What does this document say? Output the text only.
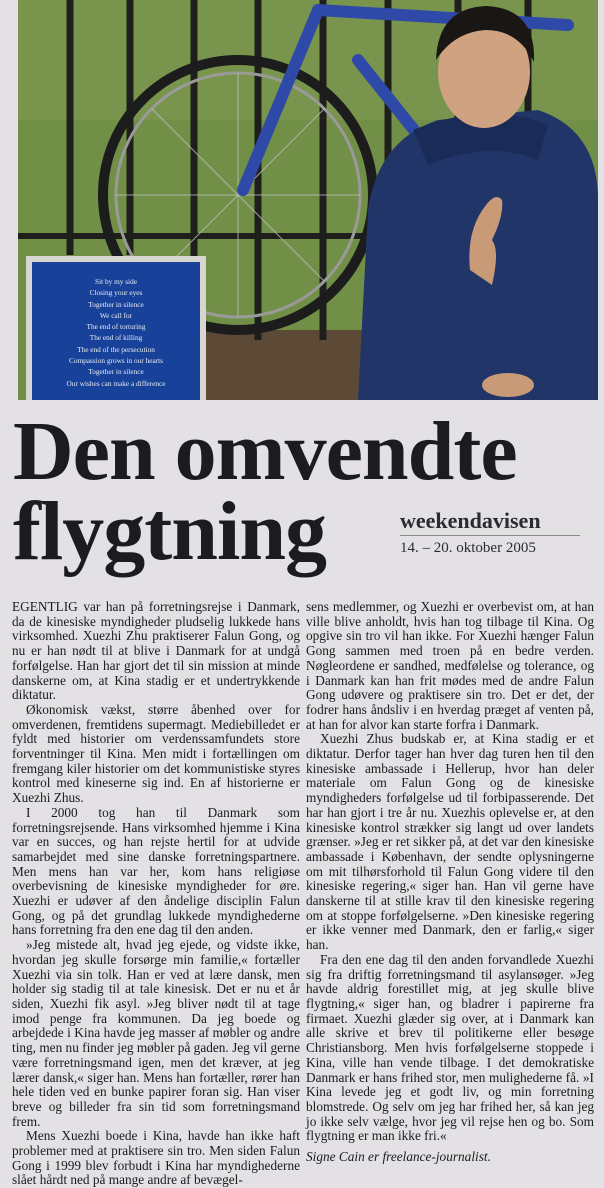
Sit by my side
Closing your eyes
Together in silence
We call for
The end of torturing
The end of killing
The end of the persecution
Compassion grows in our hearts
Together in silence
Our wishes can make a difference
Den omvendte
flygtning	weekendavisen
14. – 20. oktober 2005

EGENTLIG var han på forretningsrejse i Danmark, da de kinesiske myndigheder pludselig lukkede hans virksomhed. Xuezhi Zhu praktiserer Falun Gong, og nu er han nødt til at blive i Danmark for at undgå forfølgelse. Han har gjort det til sin mission at minde danskerne om, at Kina stadig er et undertrykkende diktatur.

Økonomisk vækst, større åbenhed over for omverdenen, fremtidens supermagt. Mediebilledet er fyldt med historier om verdenssamfundets store forventninger til Kina. Men midt i fortællingen om fremgang kiler historier om det kommunistiske styres kontrol med kineserne sig ind. En af historierne er Xuezhi Zhus.

I 2000 tog han til Danmark som forretningsrejsende. Hans virksomhed hjemme i Kina var en succes, og han rejste hertil for at udvide samarbejdet med sine danske forretningspartnere. Men mens han var her, kom hans religiøse overbevisning de kinesiske myndigheder for øre. Xuezhi er udøver af den åndelige disciplin Falun Gong, og på det grundlag lukkede myndighederne hans forretning fra den ene dag til den anden.

»Jeg mistede alt, hvad jeg ejede, og vidste ikke, hvordan jeg skulle forsørge min familie,« fortæller Xuezhi via sin tolk. Han er ved at lære dansk, men holder sig stadig til at tale kinesisk. Det er nu et år siden, Xuezhi fik asyl. »Jeg bliver nødt til at tage imod penge fra kommunen. Da jeg boede og arbejdede i Kina havde jeg masser af møbler og andre ting, men nu finder jeg møbler på gaden. Jeg vil gerne være forretningsmand igen, men det kræver, at jeg lærer dansk,« siger han. Mens han fortæller, rører han hele tiden ved en bunke papirer foran sig. Han viser breve og billeder fra sin tid som forretningsmand frem.

Mens Xuezhi boede i Kina, havde han ikke haft problemer med at praktisere sin tro. Men siden Falun Gong i 1999 blev forbudt i Kina har myndighederne slået hårdt ned på mange andre af bevægel-

sens medlemmer, og Xuezhi er overbevist om, at han ville blive anholdt, hvis han tog tilbage til Kina. Og opgive sin tro vil han ikke. For Xuezhi hænger Falun Gong sammen med troen på en bedre verden. Nøgleordene er sandhed, medfølelse og tolerance, og i Danmark kan han frit mødes med de andre Falun Gong udøvere og praktisere sin tro. Det er det, der fodrer hans åndsliv i en hverdag præget af venten på, at han for alvor kan starte forfra i Danmark.

Xuezhi Zhus budskab er, at Kina stadig er et diktatur. Derfor tager han hver dag turen hen til den kinesiske ambassade i Hellerup, hvor han deler materiale om Falun Gong og de kinesiske myndigheders forfølgelse ud til forbipasserende. Det har han gjort i tre år nu. Xuezhis oplevelse er, at den kinesiske kontrol strækker sig langt ud over landets grænser. »Jeg er ret sikker på, at det var den kinesiske ambassade i København, der sendte oplysningerne om mit tilhørsforhold til Falun Gong videre til den kinesiske regering,« siger han. Han vil gerne have danskerne til at stille krav til den kinesiske regering om at stoppe forfølgelserne. »Den kinesiske regering er ikke venner med Danmark, den er farlig,« siger han.

Fra den ene dag til den anden forvandlede Xuezhi sig fra driftig forretningsmand til asylansøger. »Jeg havde aldrig forestillet mig, at jeg skulle blive flygtning,« siger han, og bladrer i papirerne fra firmaet. Xuezhi glæder sig over, at i Danmark kan alle skrive et brev til politikerne eller besøge Christiansborg. Men hvis forfølgelserne stoppede i Kina, ville han vende tilbage. I det demokratiske Danmark er hans frihed stor, men mulighederne få. »I Kina levede jeg et godt liv, og min forretning blomstrede. Og selv om jeg har frihed her, så kan jeg jo ikke selv vælge, hvor jeg vil rejse hen og bo. Som flygtning er man ikke fri.«

Signe Cain er freelance-journalist.
